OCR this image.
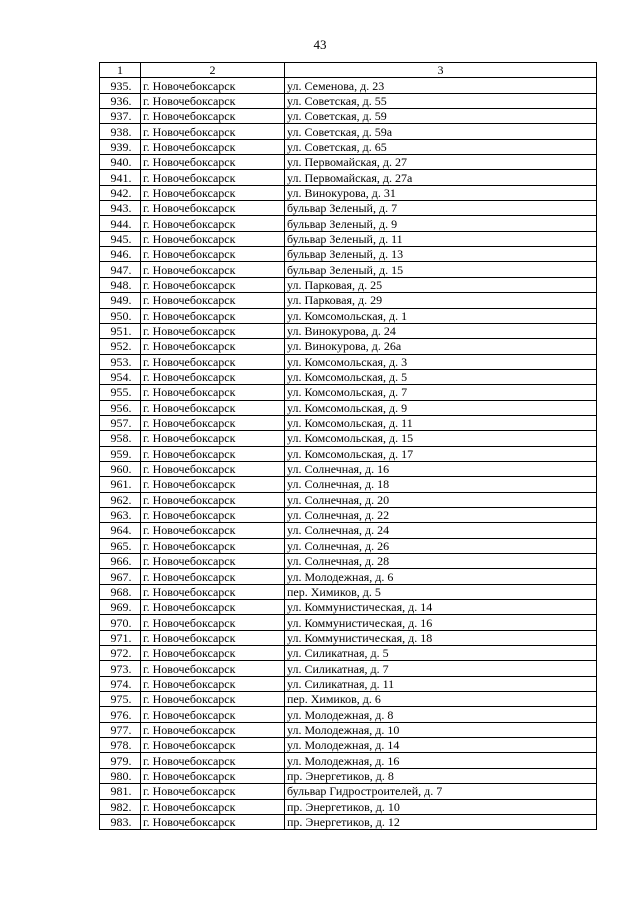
43
1	2	3
935.	г. Новочебоксарск	ул. Семенова, д. 23
936.	г. Новочебоксарск	ул. Советская, д. 55
937.	г. Новочебоксарск	ул. Советская, д. 59
938.	г. Новочебоксарск	ул. Советская, д. 59а
939.	г. Новочебоксарск	ул. Советская, д. 65
940.	г. Новочебоксарск	ул. Первомайская, д. 27
941.	г. Новочебоксарск	ул. Первомайская, д. 27а
942.	г. Новочебоксарск	ул. Винокурова, д. 31
943.	г. Новочебоксарск	бульвар Зеленый, д. 7
944.	г. Новочебоксарск	бульвар Зеленый, д. 9
945.	г. Новочебоксарск	бульвар Зеленый, д. 11
946.	г. Новочебоксарск	бульвар Зеленый, д. 13
947.	г. Новочебоксарск	бульвар Зеленый, д. 15
948.	г. Новочебоксарск	ул. Парковая, д. 25
949.	г. Новочебоксарск	ул. Парковая, д. 29
950.	г. Новочебоксарск	ул. Комсомольская, д. 1
951.	г. Новочебоксарск	ул. Винокурова, д. 24
952.	г. Новочебоксарск	ул. Винокурова, д. 26а
953.	г. Новочебоксарск	ул. Комсомольская, д. 3
954.	г. Новочебоксарск	ул. Комсомольская, д. 5
955.	г. Новочебоксарск	ул. Комсомольская, д. 7
956.	г. Новочебоксарск	ул. Комсомольская, д. 9
957.	г. Новочебоксарск	ул. Комсомольская, д. 11
958.	г. Новочебоксарск	ул. Комсомольская, д. 15
959.	г. Новочебоксарск	ул. Комсомольская, д. 17
960.	г. Новочебоксарск	ул. Солнечная, д. 16
961.	г. Новочебоксарск	ул. Солнечная, д. 18
962.	г. Новочебоксарск	ул. Солнечная, д. 20
963.	г. Новочебоксарск	ул. Солнечная, д. 22
964.	г. Новочебоксарск	ул. Солнечная, д. 24
965.	г. Новочебоксарск	ул. Солнечная, д. 26
966.	г. Новочебоксарск	ул. Солнечная, д. 28
967.	г. Новочебоксарск	ул. Молодежная, д. 6
968.	г. Новочебоксарск	пер. Химиков, д. 5
969.	г. Новочебоксарск	ул. Коммунистическая, д. 14
970.	г. Новочебоксарск	ул. Коммунистическая, д. 16
971.	г. Новочебоксарск	ул. Коммунистическая, д. 18
972.	г. Новочебоксарск	ул. Силикатная, д. 5
973.	г. Новочебоксарск	ул. Силикатная, д. 7
974.	г. Новочебоксарск	ул. Силикатная, д. 11
975.	г. Новочебоксарск	пер. Химиков, д. 6
976.	г. Новочебоксарск	ул. Молодежная, д. 8
977.	г. Новочебоксарск	ул. Молодежная, д. 10
978.	г. Новочебоксарск	ул. Молодежная, д. 14
979.	г. Новочебоксарск	ул. Молодежная, д. 16
980.	г. Новочебоксарск	пр. Энергетиков, д. 8
981.	г. Новочебоксарск	бульвар Гидростроителей, д. 7
982.	г. Новочебоксарск	пр. Энергетиков, д. 10
983.	г. Новочебоксарск	пр. Энергетиков, д. 12
